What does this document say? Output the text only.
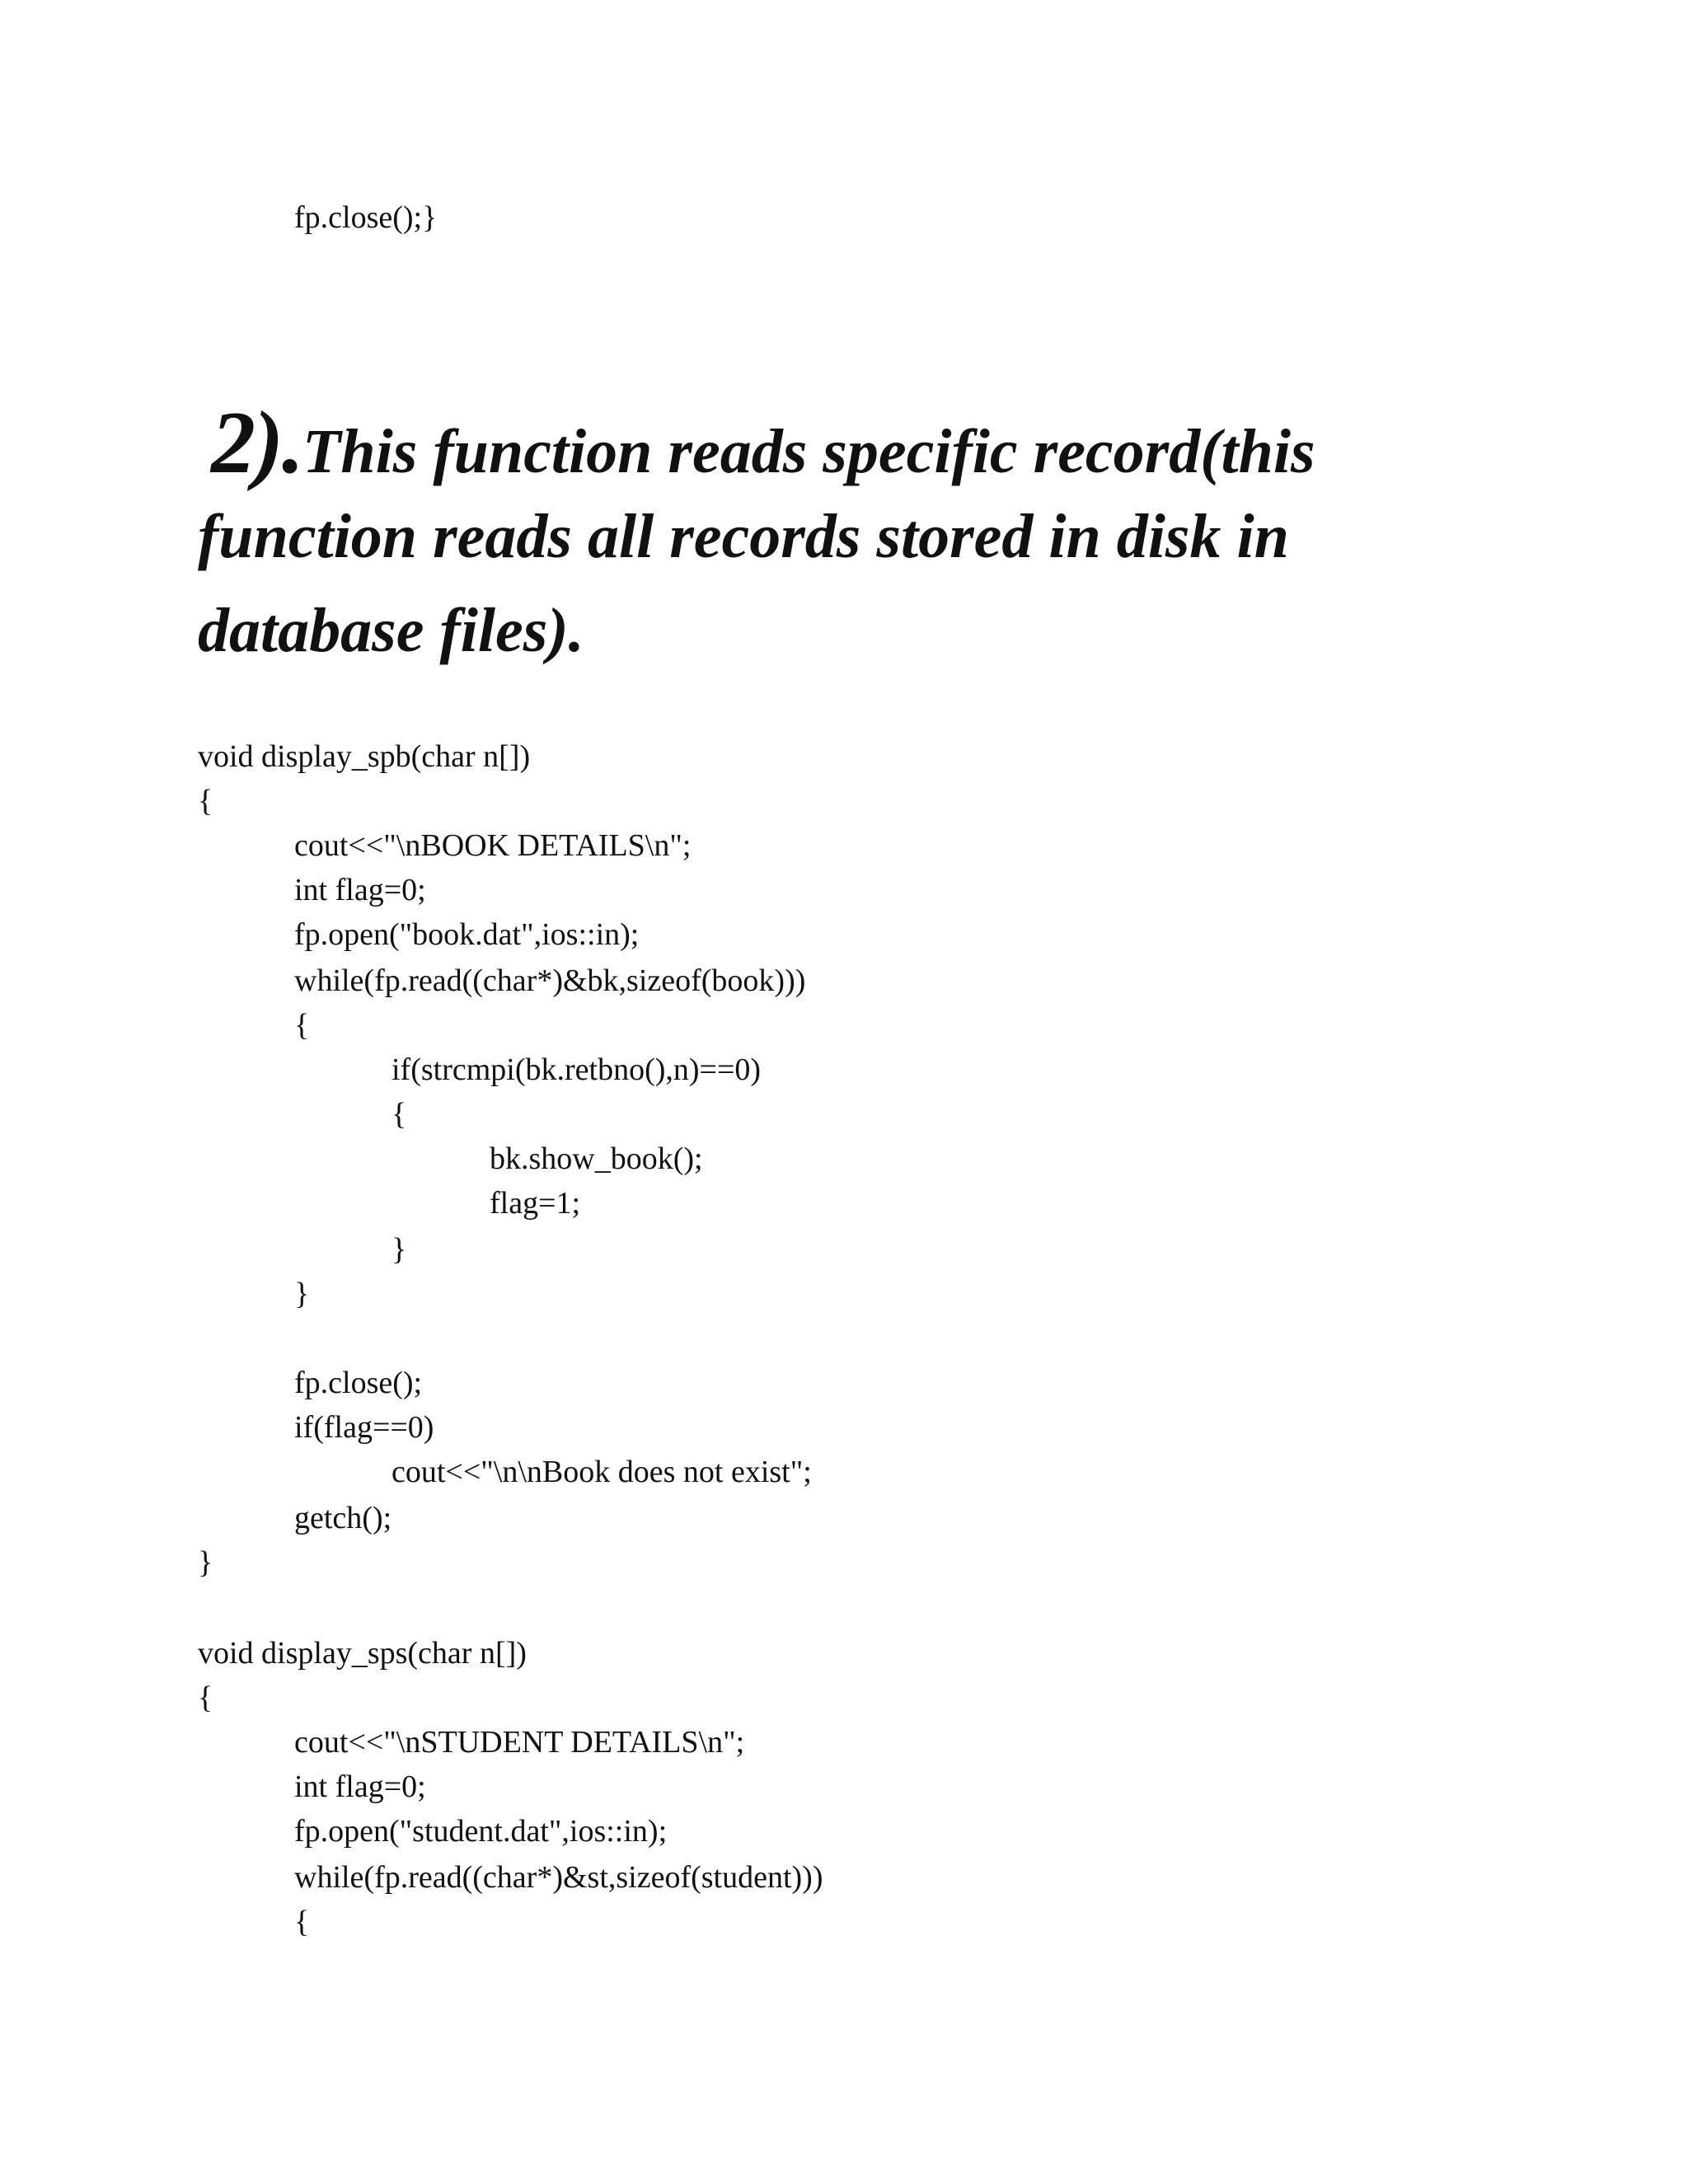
fp.close();}

2).This function reads specific record(this

function reads all records stored in disk in
database files).
void display_spb(char n[])
{
cout<<"\nBOOK DETAILS\n";
int flag=0;
fp.open("book.dat",ios::in);
while(fp.read((char*)&bk,sizeof(book)))
{
if(strcmpi(bk.retbno(),n)==0)
{
bk.show_book();
flag=1;
}
}
fp.close();
if(flag==0)
cout<<"\n\nBook does not exist";
getch();
}
void display_sps(char n[])
{
cout<<"\nSTUDENT DETAILS\n";
int flag=0;
fp.open("student.dat",ios::in);
while(fp.read((char*)&st,sizeof(student)))
{
